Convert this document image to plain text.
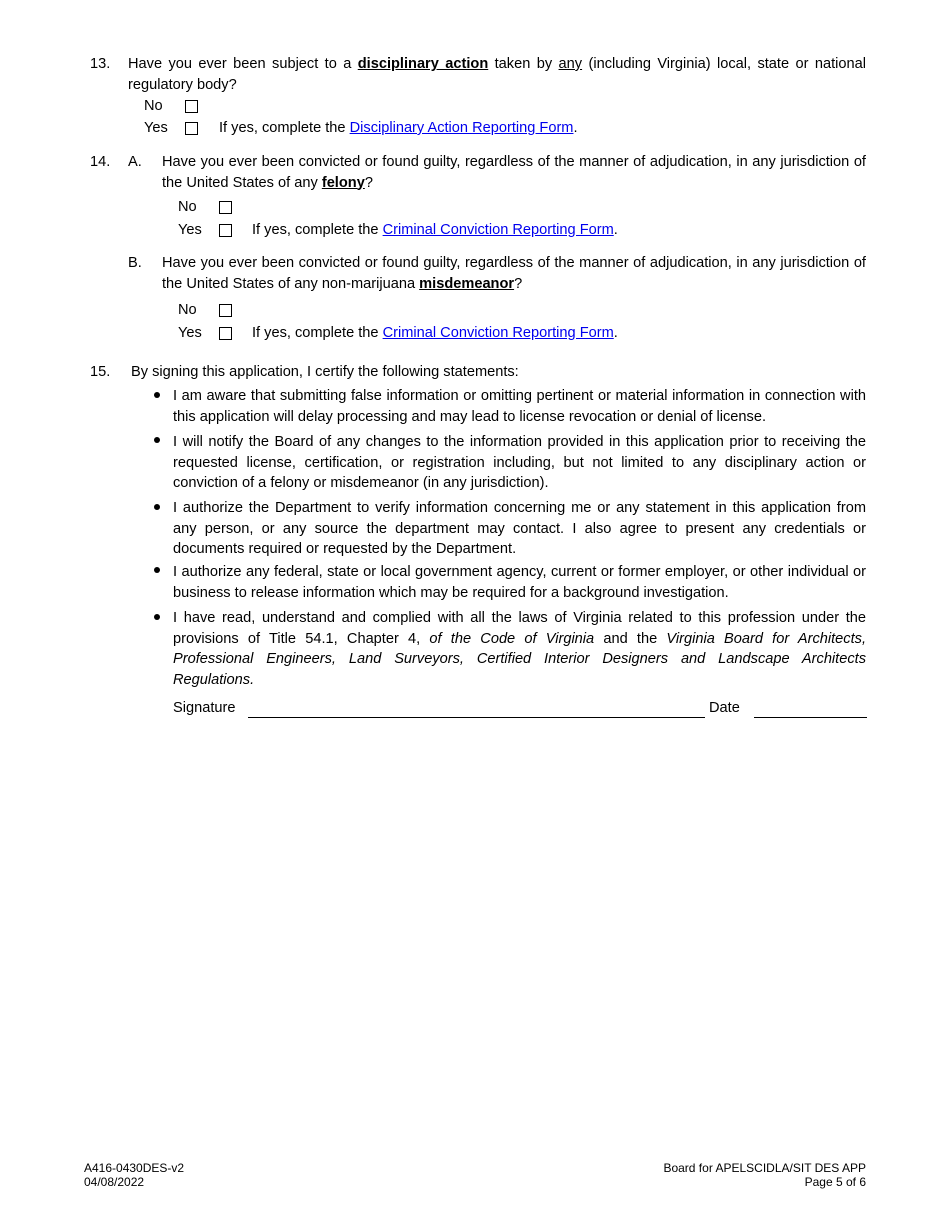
13. Have you ever been subject to a disciplinary action taken by any (including Virginia) local, state or national regulatory body?
No
Yes	If yes, complete the Disciplinary Action Reporting Form.
14. A. Have you ever been convicted or found guilty, regardless of the manner of adjudication, in any jurisdiction of the United States of any felony?
No
Yes	If yes, complete the Criminal Conviction Reporting Form.
B. Have you ever been convicted or found guilty, regardless of the manner of adjudication, in any jurisdiction of the United States of any non-marijuana misdemeanor?
No
Yes	If yes, complete the Criminal Conviction Reporting Form.
15. By signing this application, I certify the following statements:
I am aware that submitting false information or omitting pertinent or material information in connection with this application will delay processing and may lead to license revocation or denial of license.
I will notify the Board of any changes to the information provided in this application prior to receiving the requested license, certification, or registration including, but not limited to any disciplinary action or conviction of a felony or misdemeanor (in any jurisdiction).
I authorize the Department to verify information concerning me or any statement in this application from any person, or any source the department may contact. I also agree to present any credentials or documents required or requested by the Department.
I authorize any federal, state or local government agency, current or former employer, or other individual or business to release information which may be required for a background investigation.
I have read, understand and complied with all the laws of Virginia related to this profession under the provisions of Title 54.1, Chapter 4, of the Code of Virginia and the Virginia Board for Architects, Professional Engineers, Land Surveyors, Certified Interior Designers and Landscape Architects Regulations.
Signature	Date
A416-0430DES-v2
04/08/2022
Board for APELSCIDLA/SIT DES APP
Page 5 of 6
